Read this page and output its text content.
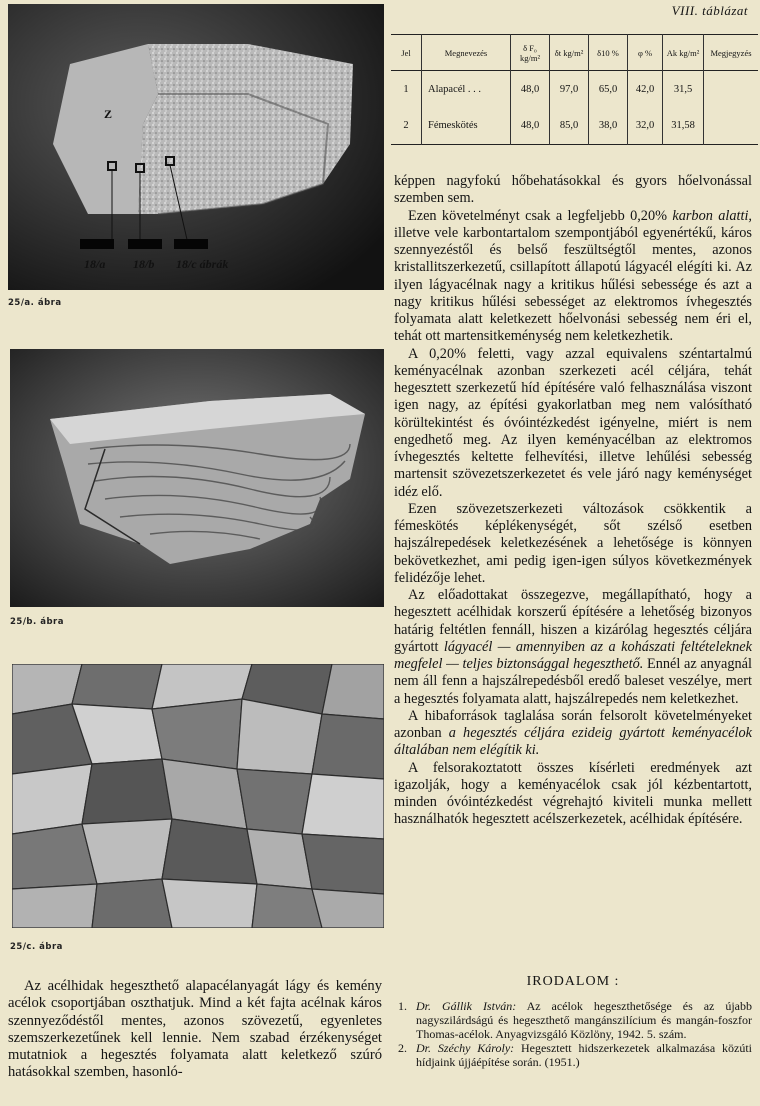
Z
18/a 18/b 18/c ábrák
25/a. ábra
25/b. ábra
25/c. ábra
VIII. táblázat
Jel	Megnevezés	δ F₀ kg/m²	δt kg/m²	δ10 %	φ %	Ak kg/m²	Megjegyzés
1	Alapacél . . .	48,0	97,0	65,0	42,0	31,5	
2	Fémeskötés	48,0	85,0	38,0	32,0	31,58	

képpen nagyfokú hőbehatásokkal és gyors hőelvonással szemben sem.

Ezen követelményt csak a legfeljebb 0,20% karbon alatti, illetve vele karbontartalom szempontjából egyenértékű, káros szennyezéstől és belső feszültségtől mentes, azonos kristallitszerkezetű, csillapított állapotú lágyacél elégíti ki. Az ilyen lágyacélnak nagy a kritikus hűlési sebessége és azt a nagy kritikus hűlési sebességet az elektromos ívhegesztés folyamata alatt keletkezett hőelvonási sebesség nem éri el, tehát ott martensitkeménység nem keletkezhetik.

A 0,20% feletti, vagy azzal equivalens széntartalmú keményacélnak azonban szerkezeti acél céljára, tehát hegesztett szerkezetű híd építésére való felhasználása viszont igen nagy, az építési gyakorlatban meg nem valósítható körültekintést és óvóintézkedést igényelne, miért is nem engedhető meg. Az ilyen keményacélban az elektromos ívhegesztés keltette felhevítési, illetve lehűlési sebesség martensit szövezetszerkezetet és vele járó nagy keménységet idéz elő.

Ezen szövezetszerkezeti változások csökkentik a fémeskötés képlékenységét, sőt szélső esetben hajszálrepedések keletkezésének a lehetősége is könnyen bekövetkezhet, ami pedig igen-igen súlyos következmények felidézője lehet.

Az előadottakat összegezve, megállapítható, hogy a hegesztett acélhidak korszerű építésére a lehetőség bizonyos határig feltétlen fennáll, hiszen a kizárólag hegesztés céljára gyártott lágyacél — amennyiben az a kohászati feltételeknek megfelel — teljes biztonsággal hegeszthető. Ennél az anyagnál nem áll fenn a hajszálrepedésből eredő baleset veszélye, mert a hegesztés folyamata alatt, hajszálrepedés nem keletkezhet.

A hibaforrások taglalása során felsorolt követelményeket azonban a hegesztés céljára ezideig gyártott keményacélok általában nem elégítik ki.

A felsorakoztatott összes kísérleti eredmények azt igazolják, hogy a keményacélok csak jól kézbentartott, minden óvóintézkedést végrehajtó kiviteli munka mellett használhatók hegesztett acélszerkezetek, acélhidak építésére.

Az acélhidak hegeszthető alapacélanyagát lágy és kemény acélok csoportjában oszthatjuk. Mind a két fajta acélnak káros szennyeződéstől mentes, azonos szövezetű, egyenletes szemszerkezetűnek kell lennie. Nem szabad érzékenységet mutatniok a hegesztés folyamata alatt keletkező szúró hatásokkal szemben, hasonló-

IRODALOM :
1. Dr. Gállik István: Az acélok hegeszthetősége és az újabb nagyszilárdságú és hegeszthető mangánszilícium és mangán-foszfor Thomas-acélok. Anyagvizsgáló Közlöny, 1942. 5. szám.
2. Dr. Széchy Károly: Hegesztett hidszerkezetek alkalmazása közúti hídjaink újjáépítése során. (1951.)
